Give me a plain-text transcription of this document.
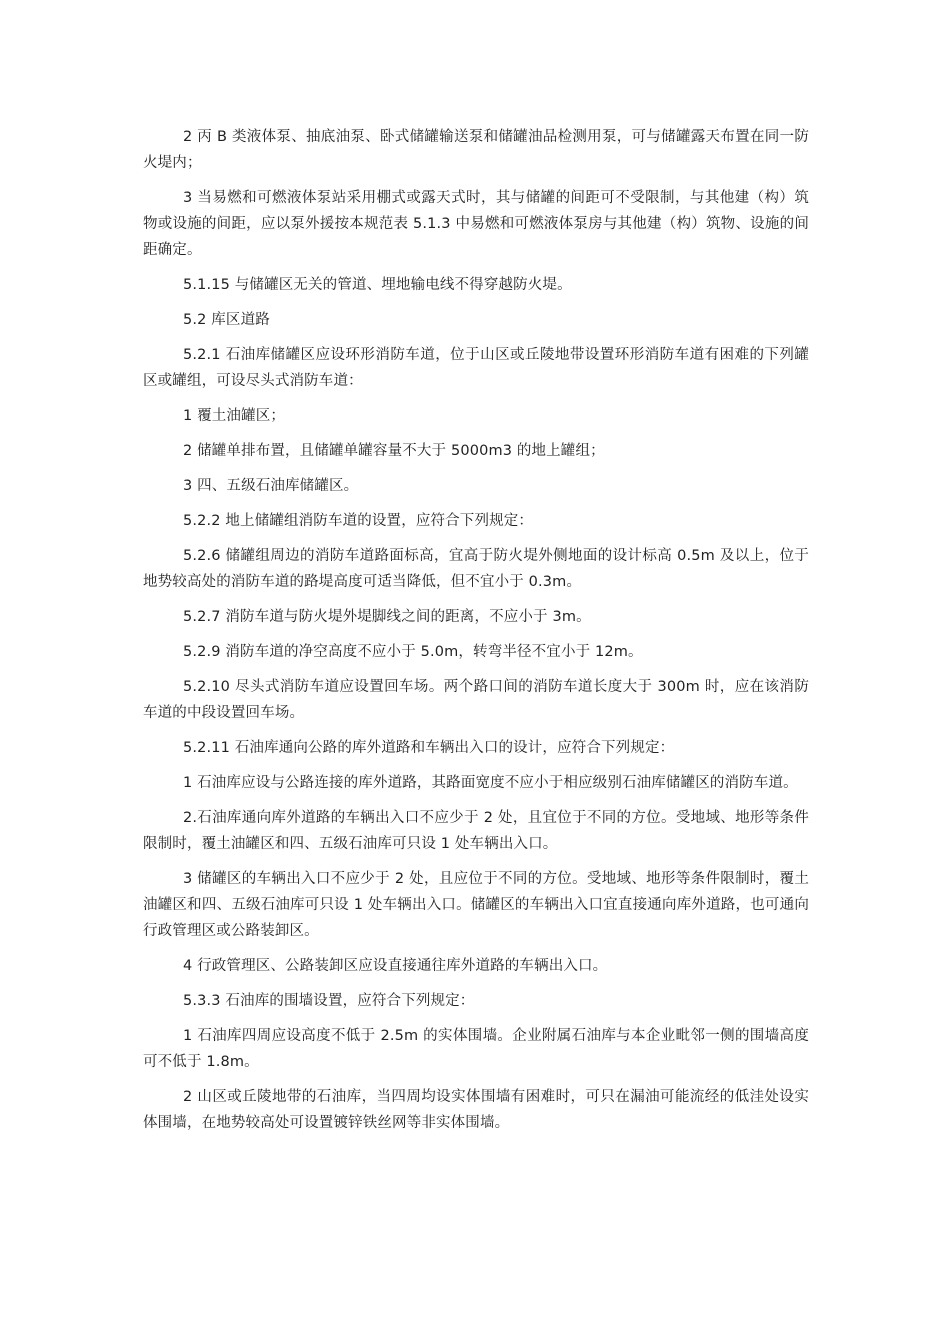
2 丙 B 类液体泵、抽底油泵、卧式储罐输送泵和储罐油品检测用泵，可与储罐露天布置在同一防火堤内；

3 当易燃和可燃液体泵站采用棚式或露天式时，其与储罐的间距可不受限制，与其他建（构）筑物或设施的间距，应以泵外援按本规范表 5.1.3 中易燃和可燃液体泵房与其他建（构）筑物、设施的间距确定。

5.1.15 与储罐区无关的管道、埋地输电线不得穿越防火堤。

5.2 库区道路

5.2.1 石油库储罐区应设环形消防车道，位于山区或丘陵地带设置环形消防车道有困难的下列罐区或罐组，可设尽头式消防车道：

1 覆土油罐区；

2 储罐单排布置，且储罐单罐容量不大于 5000m3 的地上罐组；

3 四、五级石油库储罐区。

5.2.2 地上储罐组消防车道的设置，应符合下列规定：

5.2.6 储罐组周边的消防车道路面标高，宜高于防火堤外侧地面的设计标高 0.5m 及以上，位于地势较高处的消防车道的路堤高度可适当降低，但不宜小于 0.3m。

5.2.7 消防车道与防火堤外堤脚线之间的距离，不应小于 3m。

5.2.9 消防车道的净空高度不应小于 5.0m，转弯半径不宜小于 12m。

5.2.10 尽头式消防车道应设置回车场。两个路口间的消防车道长度大于 300m 时，应在该消防车道的中段设置回车场。

5.2.11 石油库通向公路的库外道路和车辆出入口的设计，应符合下列规定：

1 石油库应设与公路连接的库外道路，其路面宽度不应小于相应级别石油库储罐区的消防车道。

2.石油库通向库外道路的车辆出入口不应少于 2 处，且宜位于不同的方位。受地域、地形等条件限制时，覆土油罐区和四、五级石油库可只设 1 处车辆出入口。

3 储罐区的车辆出入口不应少于 2 处，且应位于不同的方位。受地域、地形等条件限制时，覆土油罐区和四、五级石油库可只设 1 处车辆出入口。储罐区的车辆出入口宜直接通向库外道路，也可通向行政管理区或公路装卸区。

4 行政管理区、公路装卸区应设直接通往库外道路的车辆出入口。

5.3.3 石油库的围墙设置，应符合下列规定：

1 石油库四周应设高度不低于 2.5m 的实体围墙。企业附属石油库与本企业毗邻一侧的围墙高度可不低于 1.8m。

2 山区或丘陵地带的石油库，当四周均设实体围墙有困难时，可只在漏油可能流经的低洼处设实体围墙，在地势较高处可设置镀锌铁丝网等非实体围墙。
